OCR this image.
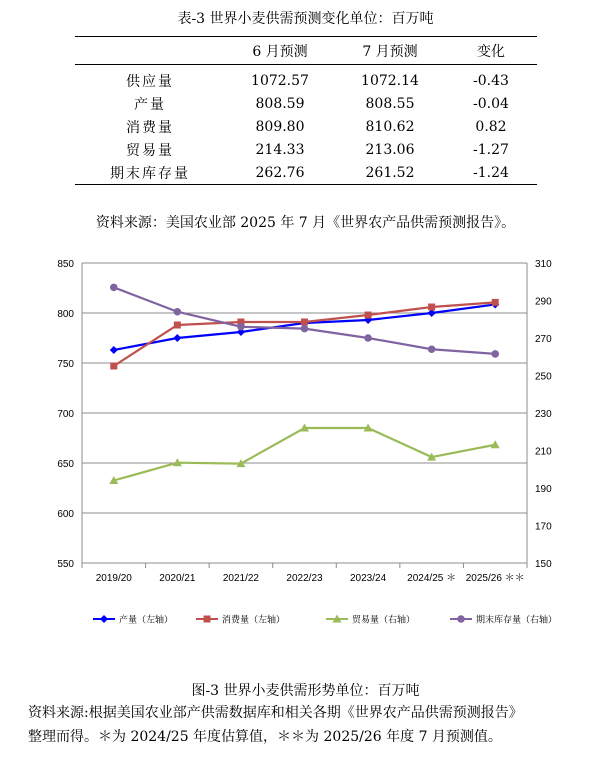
表-3 世界小麦供需预测变化单位：百万吨
	6 月预测	7 月预测	变化
供应量	1072.57	1072.14	-0.43
产量	808.59	808.55	-0.04
消费量	809.80	810.62	0.82
贸易量	214.33	213.06	-1.27
期末库存量	262.76	261.52	-1.24
资料来源：美国农业部 2025 年 7 月《世界农产品供需预测报告》。
550
600
650
700
750
800
850
150
170
190
210
230
250
270
290
310
2019/20	2020/21	2021/22	2022/23	2023/24 2024/25 ＊ 2025/26 ＊＊
产量（左轴）	消费量（左轴）	贸易量（右轴）	期末库存量（右轴）
图-3 世界小麦供需形势单位：百万吨
资料来源:根据美国农业部产供需数据库和相关各期《世界农产品供需预测报告》
整理而得。＊为 2024/25 年度估算值，＊＊为 2025/26 年度 7 月预测值。
